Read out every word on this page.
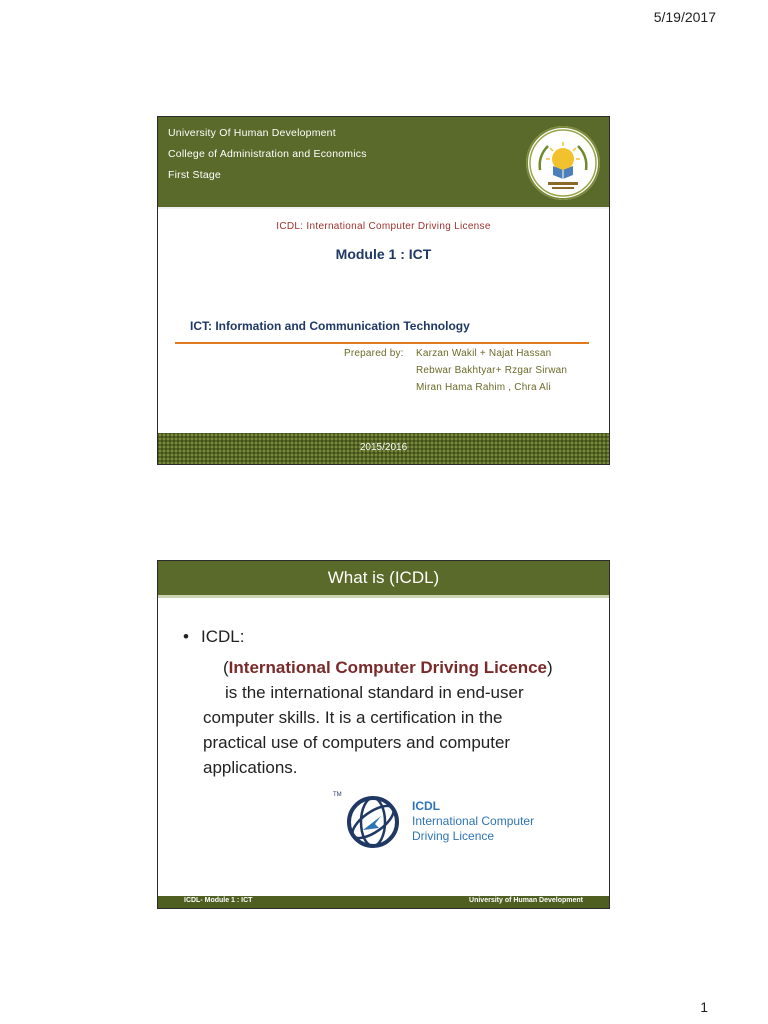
5/19/2017
1
University Of Human Development
College of Administration and Economics
First Stage
ICDL: International Computer Driving License
Module 1 : ICT
ICT: Information and Communication Technology
Prepared by: Karzan Wakil + Najat Hassan
Rebwar Bakhtyar+ Rzgar Sirwan
Miran Hama Rahim , Chra Ali
2015/2016
What is (ICDL)
• ICDL:
(International Computer Driving Licence)
is the international standard in end-user
computer skills. It is a certification in the
practical use of computers and computer
applications.
TM
ICDL
International Computer
Driving Licence
ICDL- Module 1 : ICT	University of Human Development
